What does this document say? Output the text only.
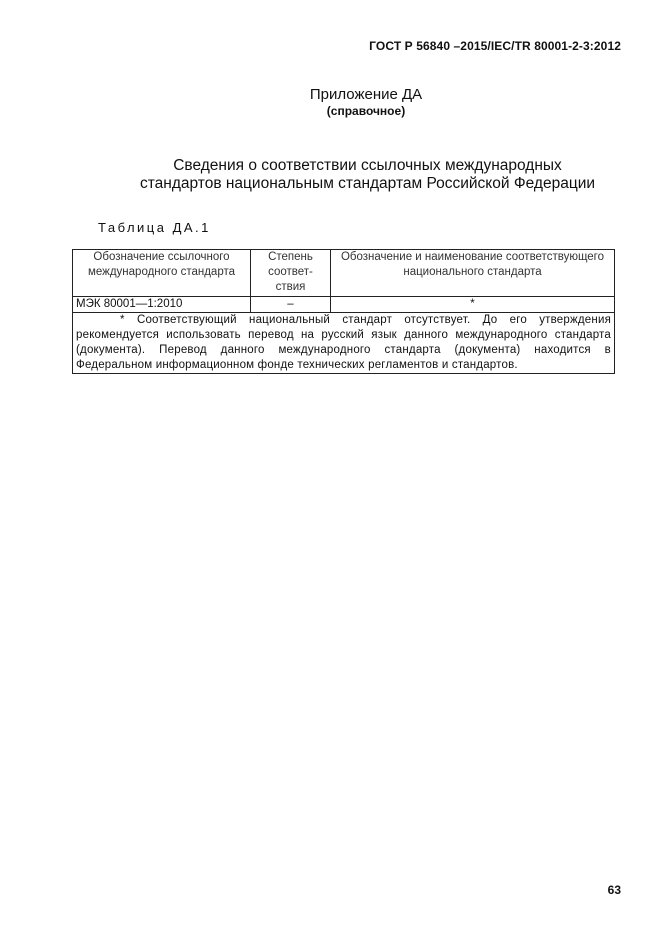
ГОСТ Р 56840 –2015/IEC/TR 80001-2-3:2012
Приложение ДА
(справочное)
Сведения о соответствии ссылочных международных
стандартов национальным стандартам Российской Федерации
Таблица ДА.1
Обозначение ссылочного международного стандарта	Степень соответ-ствия	Обозначение и наименование соответствующего национального стандарта
МЭК 80001—1:2010	–	*
* Соответствующий национальный стандарт отсутствует. До его утверждения рекомендуется использовать перевод на русский язык данного международного стандарта (документа). Перевод данного международного стандарта (документа) находится в Федеральном информационном фонде технических регламентов и стандартов.		
63
